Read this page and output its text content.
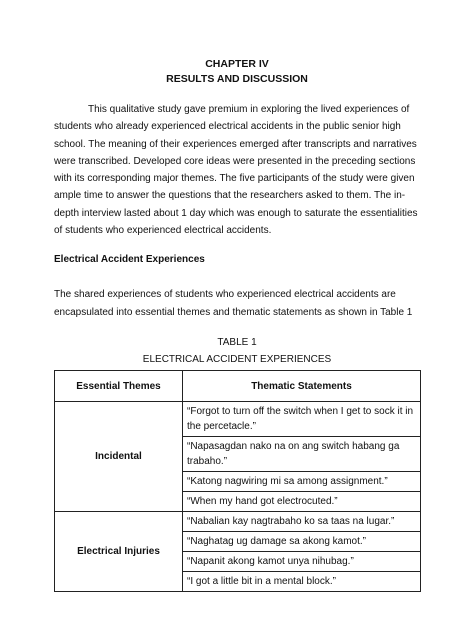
CHAPTER IV
RESULTS AND DISCUSSION

This qualitative study gave premium in exploring the lived experiences of students who already experienced electrical accidents in the public senior high school. The meaning of their experiences emerged after transcripts and narratives were transcribed. Developed core ideas were presented in the preceding sections with its corresponding major themes. The five participants of the study were given ample time to answer the questions that the researchers asked to them. The in-depth interview lasted about 1 day which was enough to saturate the essentialities of students who experienced electrical accidents.

Electrical Accident Experiences

The shared experiences of students who experienced electrical accidents are encapsulated into essential themes and thematic statements as shown in Table 1

TABLE 1
ELECTRICAL ACCIDENT EXPERIENCES
Essential Themes	Thematic Statements
Incidental	“Forgot to turn off the switch when I get to sock it in the percetacle.”
	“Napasagdan nako na on ang switch habang ga trabaho.”
	“Katong nagwiring mi sa among assignment.”
	“When my hand got electrocuted.”
Electrical Injuries	“Nabalian kay nagtrabaho ko sa taas na lugar.”
	“Naghatag ug damage sa akong kamot.”
	“Napanit akong kamot unya nihubag.”
	“I got a little bit in a mental block.”
